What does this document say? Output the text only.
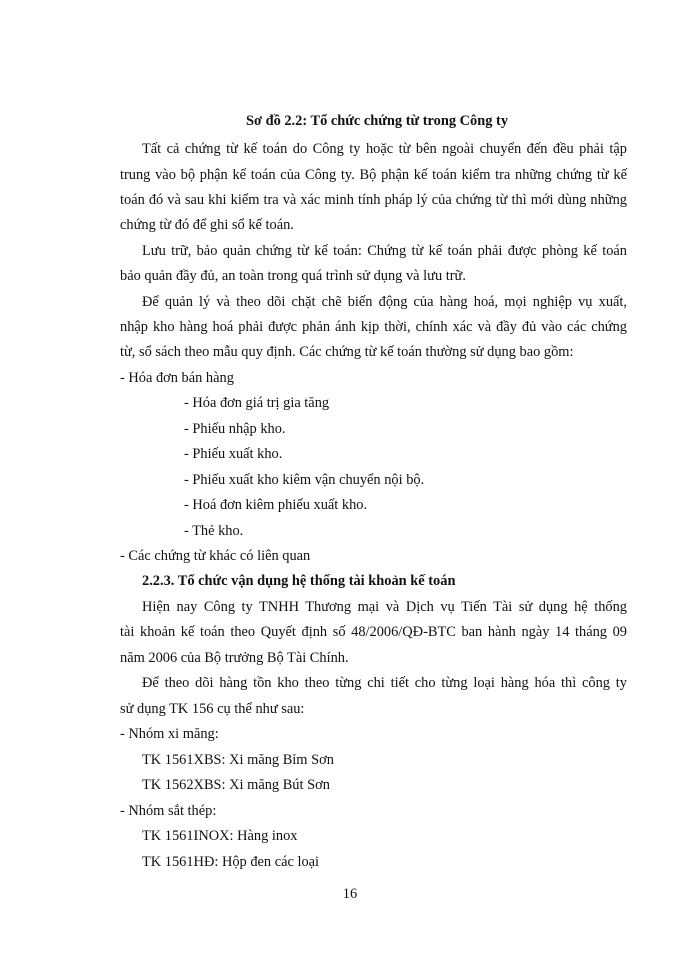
Sơ đồ 2.2: Tổ chức chứng từ trong Công ty
Tất cả chứng từ kế toán do Công ty hoặc từ bên ngoài chuyển đến đều phải tập
trung vào bộ phận kế toán của Công ty. Bộ phận kế toán kiểm tra những chứng từ kế
toán đó và sau khi kiểm tra và xác minh tính pháp lý của chứng từ thì mới dùng những
chứng từ đó để ghi sổ kế toán.
Lưu trữ, bảo quản chứng từ kế toán: Chứng từ kế toán phải được phòng kế toán
bảo quản đầy đủ, an toàn trong quá trình sử dụng và lưu trữ.
Để quản lý và theo dõi chặt chẽ biến động của hàng hoá, mọi nghiệp vụ xuất,
nhập kho hàng hoá phải được phản ánh kịp thời, chính xác và đầy đủ vào các chứng
từ, sổ sách theo mẫu quy định. Các chứng từ kế toán thường sử dụng bao gồm:
- Hóa đơn bán hàng
- Hóa đơn giá trị gia tăng
- Phiếu nhập kho.
- Phiếu xuất kho.
- Phiếu xuất kho kiêm vận chuyển nội bộ.
- Hoá đơn kiêm phiếu xuất kho.
- Thẻ kho.
- Các chứng từ khác có liên quan
2.2.3. Tổ chức vận dụng hệ thống tài khoản kế toán
Hiện nay Công ty TNHH Thương mại và Dịch vụ Tiến Tài sử dụng hệ thống
tài khoản kế toán theo Quyết định số 48/2006/QĐ-BTC ban hành ngày 14 tháng 09
năm 2006 của Bộ trưởng Bộ Tài Chính.
Để theo dõi hàng tồn kho theo từng chi tiết cho từng loại hàng hóa thì công ty
sử dụng TK 156 cụ thể như sau:
- Nhóm xi măng:
TK 1561XBS: Xi măng Bỉm Sơn
TK 1562XBS: Xi măng Bút Sơn
- Nhóm sắt thép:
TK 1561INOX: Hàng inox
TK 1561HĐ: Hộp đen các loại
16
